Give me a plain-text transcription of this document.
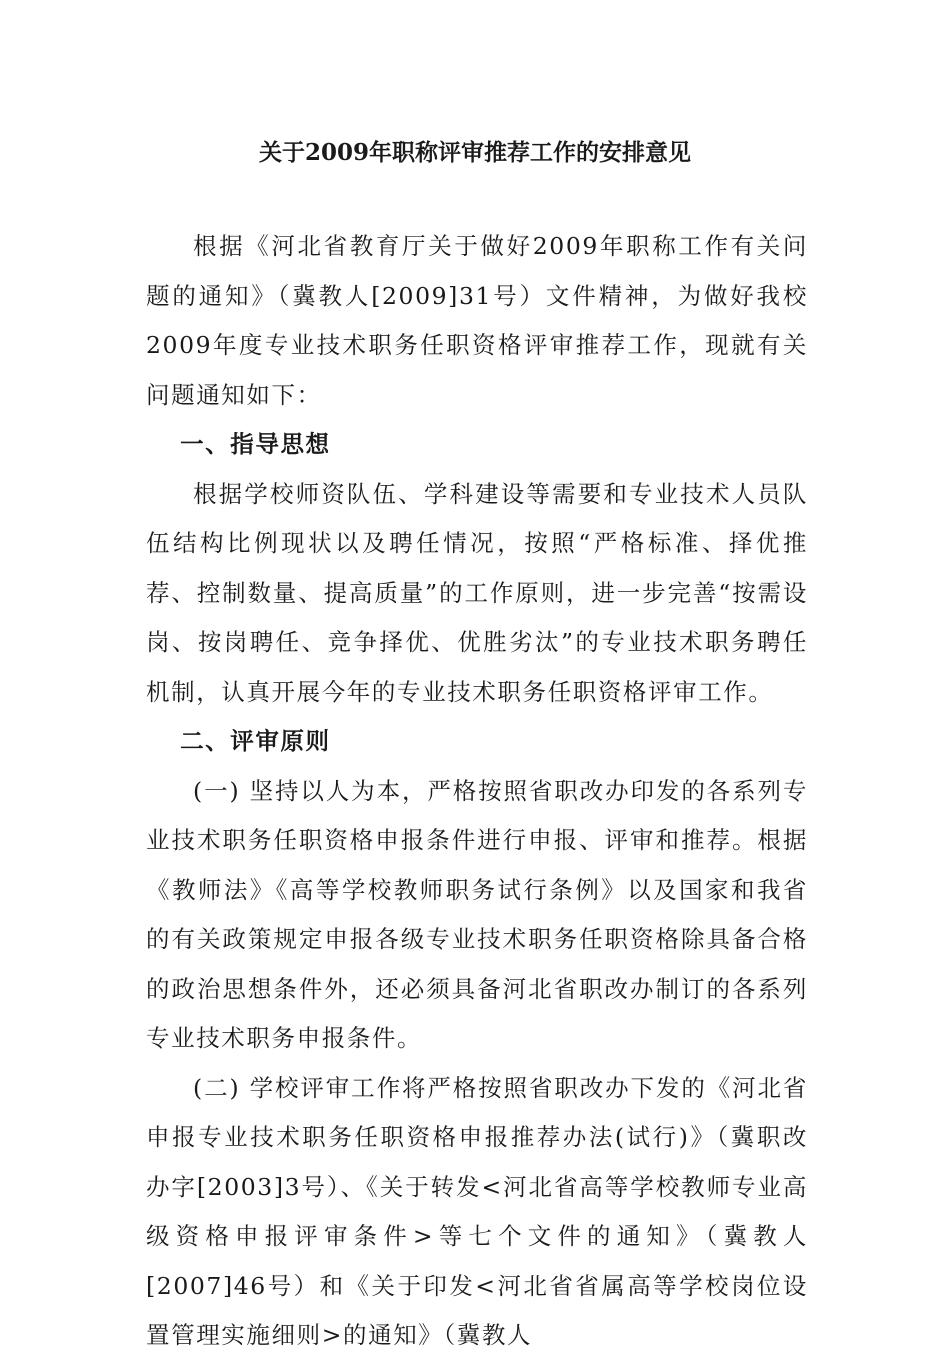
关于2009年职称评审推荐工作的安排意见

根据《河北省教育厅关于做好2009年职称工作有关问题的通知》（冀教人[2009]31号）文件精神，为做好我校2009年度专业技术职务任职资格评审推荐工作，现就有关问题通知如下：

一、指导思想

根据学校师资队伍、学科建设等需要和专业技术人员队伍结构比例现状以及聘任情况，按照“严格标准、择优推荐、控制数量、提高质量”的工作原则，进一步完善“按需设岗、按岗聘任、竞争择优、优胜劣汰”的专业技术职务聘任机制，认真开展今年的专业技术职务任职资格评审工作。

二、评审原则

(一) 坚持以人为本，严格按照省职改办印发的各系列专业技术职务任职资格申报条件进行申报、评审和推荐。根据《教师法》《高等学校教师职务试行条例》以及国家和我省的有关政策规定申报各级专业技术职务任职资格除具备合格的政治思想条件外，还必须具备河北省职改办制订的各系列专业技术职务申报条件。

(二) 学校评审工作将严格按照省职改办下发的《河北省申报专业技术职务任职资格申报推荐办法(试行)》（冀职改办字[2003]3号）、《关于转发<河北省高等学校教师专业高级资格申报评审条件>等七个文件的通知》（冀教人[2007]46号）和《关于印发<河北省省属高等学校岗位设置管理实施细则>的通知》（冀教人
